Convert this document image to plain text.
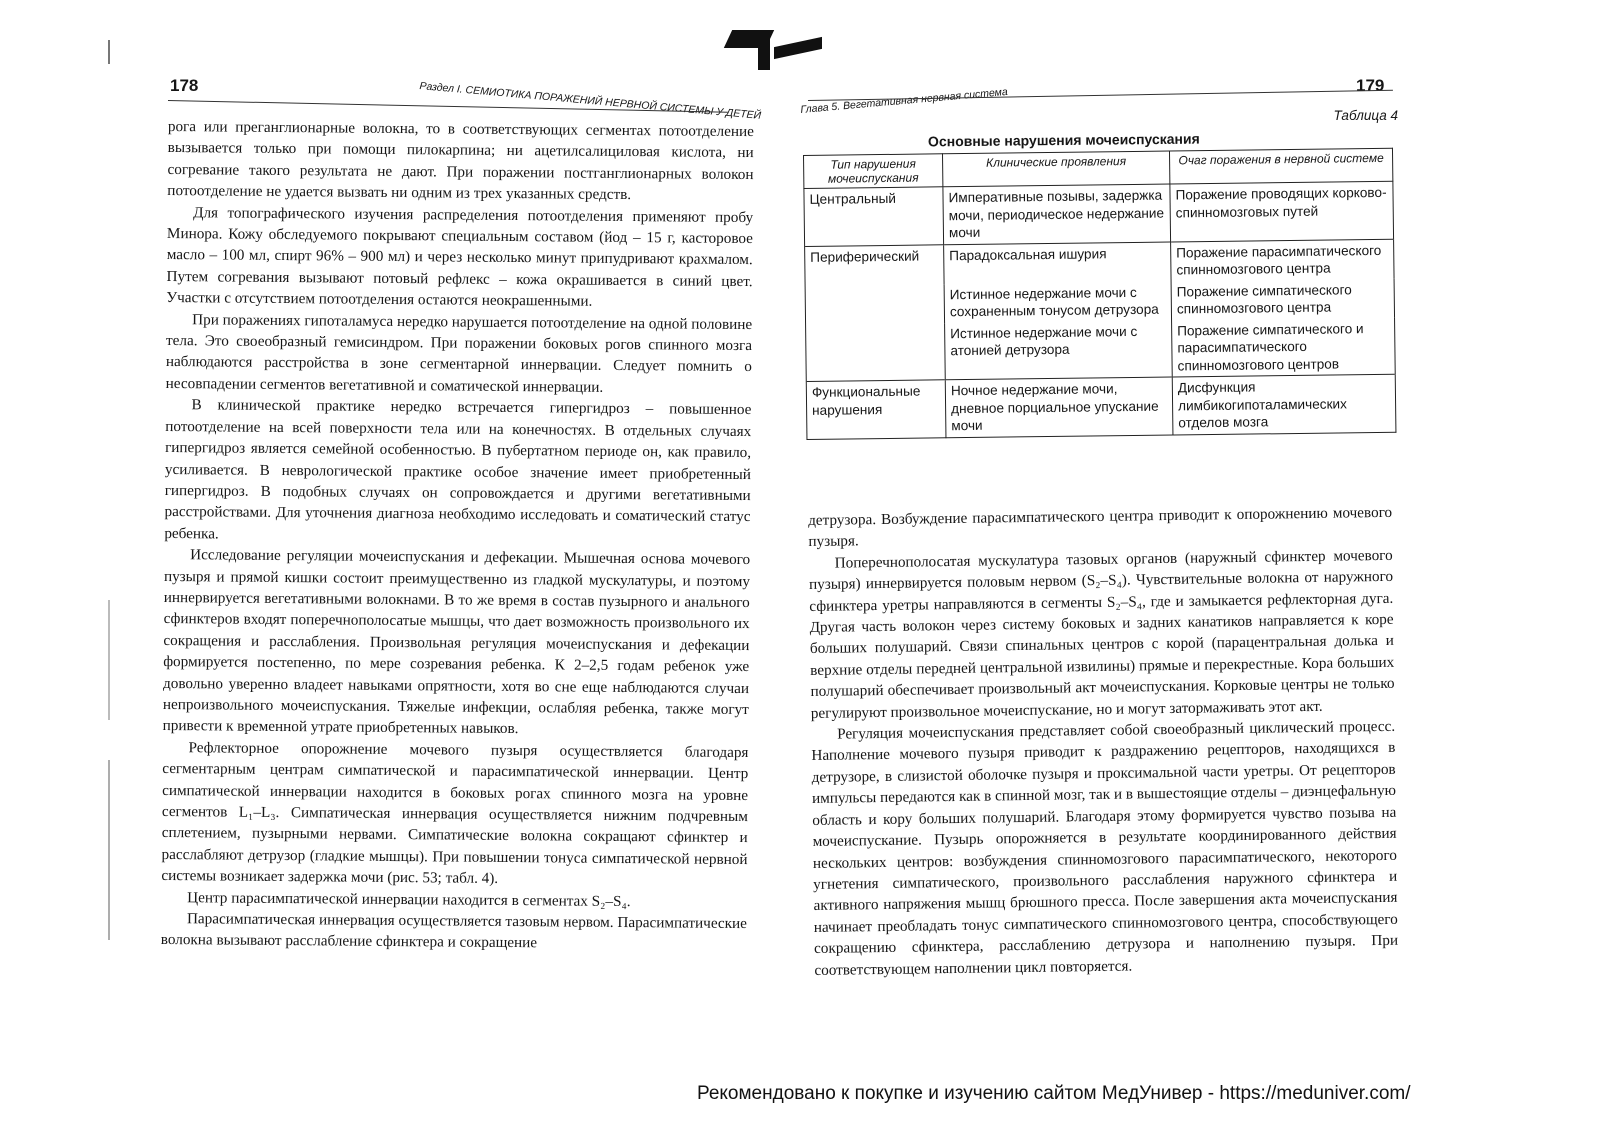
178	Раздел I. СЕМИОТИКА ПОРАЖЕНИЙ НЕРВНОЙ СИСТЕМЫ У ДЕТЕЙ

рога или преганглионарные волокна, то в соответствующих сегментах потоотделение вызывается только при помощи пилокарпина; ни ацетилсалициловая кислота, ни согревание такого результата не дают. При поражении постганглионарных волокон потоотделение не удается вызвать ни одним из трех указанных средств.

Для топографического изучения распределения потоотделения применяют пробу Минора. Кожу обследуемого покрывают специальным составом (йод – 15 г, касторовое масло – 100 мл, спирт 96% – 900 мл) и через несколько минут припудривают крахмалом. Путем согревания вызывают потовый рефлекс – кожа окрашивается в синий цвет. Участки с отсутствием потоотделения остаются неокрашенными.

При поражениях гипоталамуса нередко нарушается потоотделение на одной половине тела. Это своеобразный гемисиндром. При поражении боковых рогов спинного мозга наблюдаются расстройства в зоне сегментарной иннервации. Следует помнить о несовпадении сегментов вегетативной и соматической иннервации.

В клинической практике нередко встречается гипергидроз – повышенное потоотделение на всей поверхности тела или на конечностях. В отдельных случаях гипергидроз является семейной особенностью. В пубертатном периоде он, как правило, усиливается. В неврологической практике особое значение имеет приобретенный гипергидроз. В подобных случаях он сопровождается и другими вегетативными расстройствами. Для уточнения диагноза необходимо исследовать и соматический статус ребенка.

Исследование регуляции мочеиспускания и дефекации. Мышечная основа мочевого пузыря и прямой кишки состоит преимущественно из гладкой мускулатуры, и поэтому иннервируется вегетативными волокнами. В то же время в состав пузырного и анального сфинктеров входят поперечнополосатые мышцы, что дает возможность произвольного их сокращения и расслабления. Произвольная регуляция мочеиспускания и дефекации формируется постепенно, по мере созревания ребенка. К 2–2,5 годам ребенок уже довольно уверенно владеет навыками опрятности, хотя во сне еще наблюдаются случаи непроизвольного мочеиспускания. Тяжелые инфекции, ослабляя ребенка, также могут привести к временной утрате приобретенных навыков.

Рефлекторное опорожнение мочевого пузыря осуществляется благодаря сегментарным центрам симпатической и парасимпатической иннервации. Центр симпатической иннервации находится в боковых рогах спинного мозга на уровне сегментов L₁–L₃. Симпатическая иннервация осуществляется нижним подчревным сплетением, пузырными нервами. Симпатические волокна сокращают сфинктер и расслабляют детрузор (гладкие мышцы). При повышении тонуса симпатической нервной системы возникает задержка мочи (рис. 53; табл. 4).

Центр парасимпатической иннервации находится в сегментах S₂–S₄.

Парасимпатическая иннервация осуществляется тазовым нервом. Парасимпатические волокна вызывают расслабление сфинктера и сокращение

179
Глава 5. Вегетативная нервная система	Таблица 4
Основные нарушения мочеиспускания
Тип нарушения мочеиспускания	Клинические проявления	Очаг поражения в нервной системе
Центральный	Императивные позывы, задержка мочи, периодическое недержание мочи	Поражение проводящих корково-спинномозговых путей
Периферический	Парадоксальная ишурия	Поражение парасимпатического спинномозгового центра
	Истинное недержание мочи с сохраненным тонусом детрузора	Поражение симпатического спинномозгового центра
	Истинное недержание мочи с атонией детрузора	Поражение симпатического и парасимпатического спинномозгового центров
Функциональные нарушения	Ночное недержание мочи, дневное порциальное упускание мочи	Дисфункция лимбикогипоталамических отделов мозга

детрузора. Возбуждение парасимпатического центра приводит к опорожнению мочевого пузыря.

Поперечнополосатая мускулатура тазовых органов (наружный сфинктер мочевого пузыря) иннервируется половым нервом (S₂–S₄). Чувствительные волокна от наружного сфинктера уретры направляются в сегменты S₂–S₄, где и замыкается рефлекторная дуга. Другая часть волокон через систему боковых и задних канатиков направляется к коре больших полушарий. Связи спинальных центров с корой (парацентральная долька и верхние отделы передней центральной извилины) прямые и перекрестные. Кора больших полушарий обеспечивает произвольный акт мочеиспускания. Корковые центры не только регулируют произвольное мочеиспускание, но и могут затормаживать этот акт.

Регуляция мочеиспускания представляет собой своеобразный циклический процесс. Наполнение мочевого пузыря приводит к раздражению рецепторов, находящихся в детрузоре, в слизистой оболочке пузыря и проксимальной части уретры. От рецепторов импульсы передаются как в спинной мозг, так и в вышестоящие отделы – диэнцефальную область и кору больших полушарий. Благодаря этому формируется чувство позыва на мочеиспускание. Пузырь опорожняется в результате координированного действия нескольких центров: возбуждения спинномозгового парасимпатического, некоторого угнетения симпатического, произвольного расслабления наружного сфинктера и активного напряжения мышц брюшного пресса. После завершения акта мочеиспускания начинает преобладать тонус симпатического спинномозгового центра, способствующего сокращению сфинктера, расслаблению детрузора и наполнению пузыря. При соответствующем наполнении цикл повторяется.

Рекомендовано к покупке и изучению сайтом МедУнивер - https://meduniver.com/
